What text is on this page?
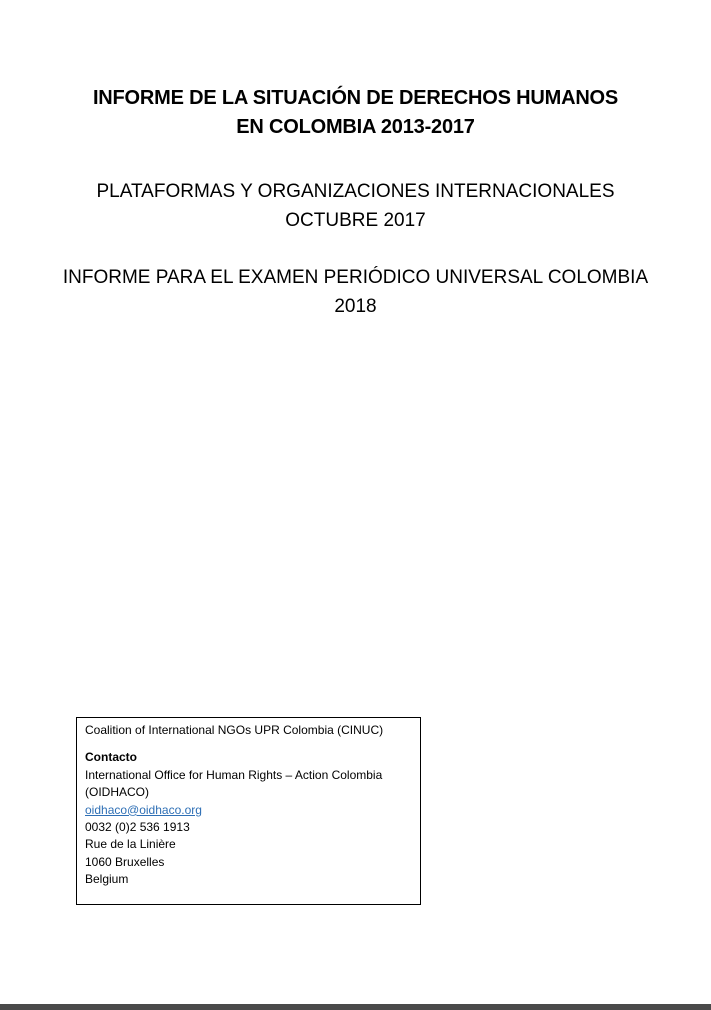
INFORME DE LA SITUACIÓN DE DERECHOS HUMANOS
EN COLOMBIA 2013-2017
PLATAFORMAS Y ORGANIZACIONES INTERNACIONALES
OCTUBRE 2017
INFORME PARA EL EXAMEN PERIÓDICO UNIVERSAL COLOMBIA
2018
Coalition of International NGOs UPR Colombia (CINUC)
Contacto
International Office for Human Rights – Action Colombia
(OIDHACO)
oidhaco@oidhaco.org
0032 (0)2 536 1913
Rue de la Linière
1060 Bruxelles
Belgium
